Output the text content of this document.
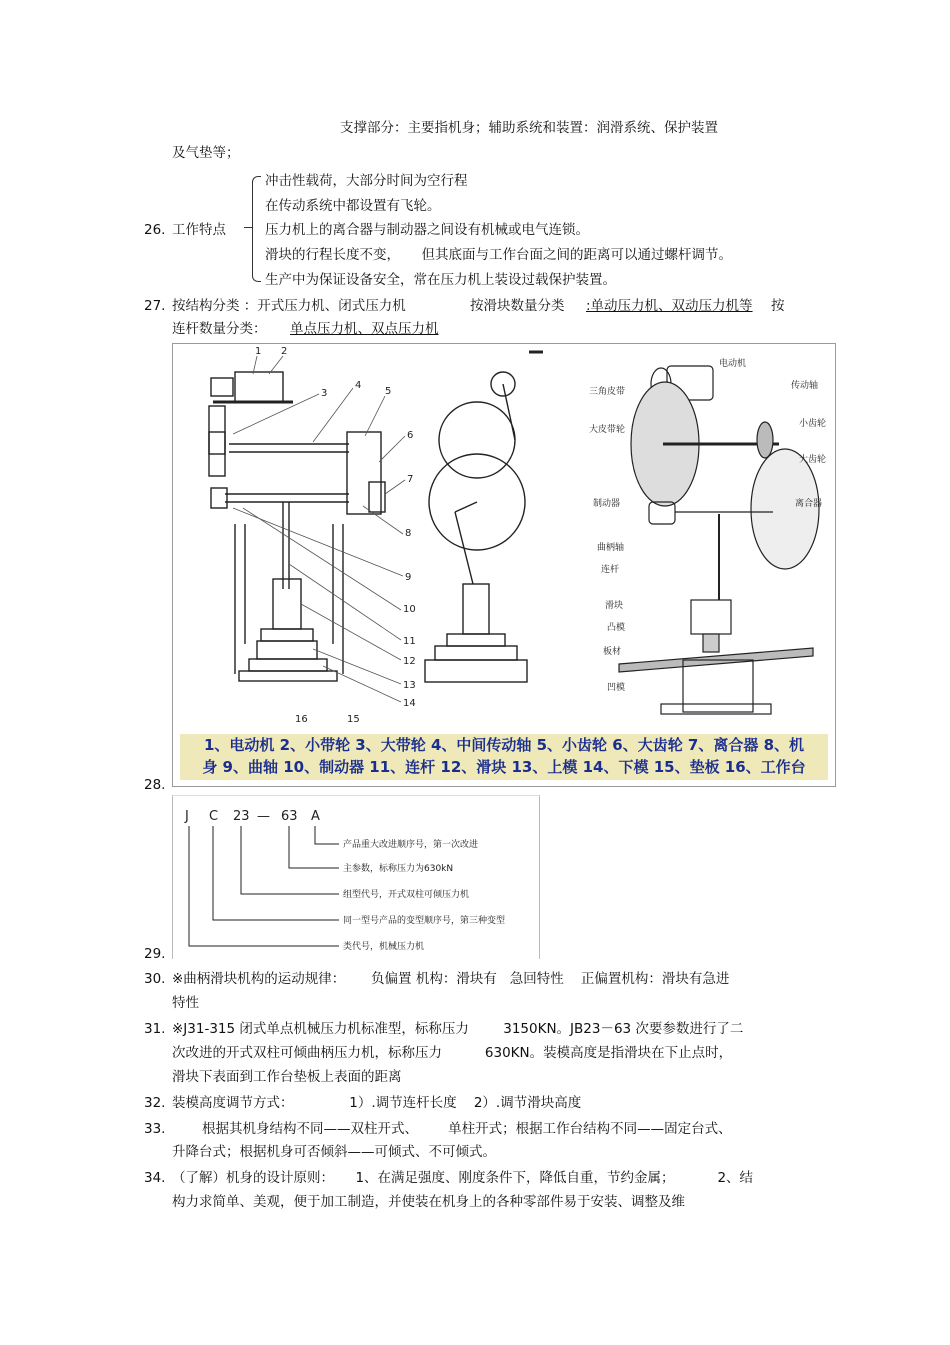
支撑部分：主要指机身；辅助系统和装置：润滑系统、保护装置
及气垫等；
26. 工作特点
冲击性载荷，大部分时间为空行程
在传动系统中都设置有飞轮。
压力机上的离合器与制动器之间设有机械或电气连锁。
滑块的行程长度不变，     但其底面与工作台面之间的距离可以通过螺杆调节。
生产中为保证设备安全，常在压力机上装设过载保护装置。
27. 按结构分类 ：开式压力机、闭式压力机	按滑块数量分类 :单动压力机、双动压力机等 按
连杆数量分类： 单点压力机、双点压力机
28.
1 2
3
4
5
6
7
8
9
10
11
12
13
14
15
16
电动机
三角皮带
传动轴
大皮带轮
小齿轮
制动器
大齿轮
离合器
曲柄轴
连杆
滑块
凸模
板材
凹模
1、电动机 2、小带轮 3、大带轮 4、中间传动轴 5、小齿轮 6、大齿轮 7、离合器 8、机
身 9、曲轴 10、制动器 11、连杆 12、滑块 13、上模 14、下模 15、垫板 16、工作台
29.
J C 23 — 63 A
产品重大改进顺序号，第一次改进
主参数，标称压力为630kN
组型代号，开式双柱可倾压力机
同一型号产品的变型顺序号，第三种变型
类代号，机械压力机
30. ※曲柄滑块机构的运动规律：      负偏置 机构：滑块有   急回特性    正偏置机构：滑块有急进
特性
31. ※J31-315 闭式单点机械压力机标准型，标称压力        3150KN。JB23－63 次要参数进行了二
次改进的开式双柱可倾曲柄压力机，标称压力          630KN。装模高度是指滑块在下止点时，
滑块下表面到工作台垫板上表面的距离
32. 装模高度调节方式：             1）.调节连杆长度    2）.调节滑块高度
33. 根据其机身结构不同——双柱开式、       单柱开式；根据工作台结构不同——固定台式、
升降台式；根据机身可否倾斜——可倾式、不可倾式。
34. （了解）机身的设计原则：     1、在满足强度、刚度条件下，降低自重，节约金属；          2、结
构力求简单、美观，便于加工制造，并使装在机身上的各种零部件易于安装、调整及维
